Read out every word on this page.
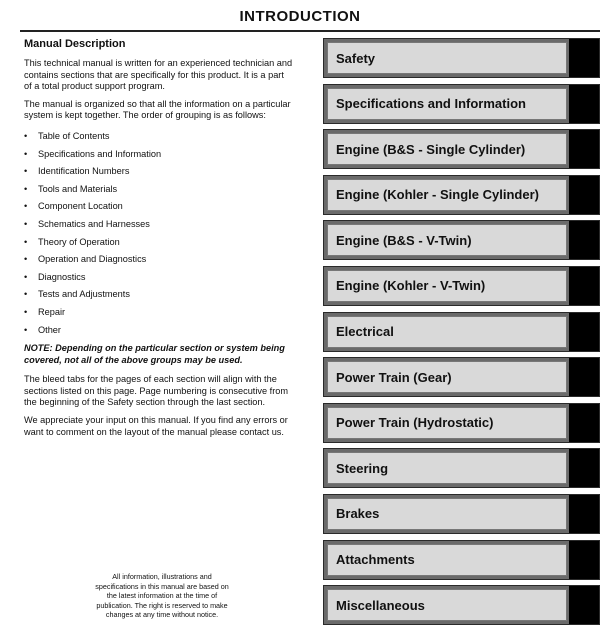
INTRODUCTION
Manual Description

This technical manual is written for an experienced technician and contains sections that are specifically for this product. It is a part of a total product support program.

The manual is organized so that all the information on a particular system is kept together. The order of grouping is as follows:

• Table of Contents
• Specifications and Information
• Identification Numbers
• Tools and Materials
• Component Location
• Schematics and Harnesses
• Theory of Operation
• Operation and Diagnostics
• Diagnostics
• Tests and Adjustments
• Repair
• Other

NOTE: Depending on the particular section or system being covered, not all of the above groups may be used.

The bleed tabs for the pages of each section will align with the sections listed on this page. Page numbering is consecutive from the beginning of the Safety section through the last section.

We appreciate your input on this manual. If you find any errors or want to comment on the layout of the manual please contact us.

All information, illustrations and specifications in this manual are based on the latest information at the time of publication. The right is reserved to make changes at any time without notice.
Safety
Specifications and Information
Engine (B&S - Single Cylinder)
Engine (Kohler - Single Cylinder)
Engine (B&S - V-Twin)
Engine (Kohler - V-Twin)
Electrical
Power Train (Gear)
Power Train (Hydrostatic)
Steering
Brakes
Attachments
Miscellaneous
